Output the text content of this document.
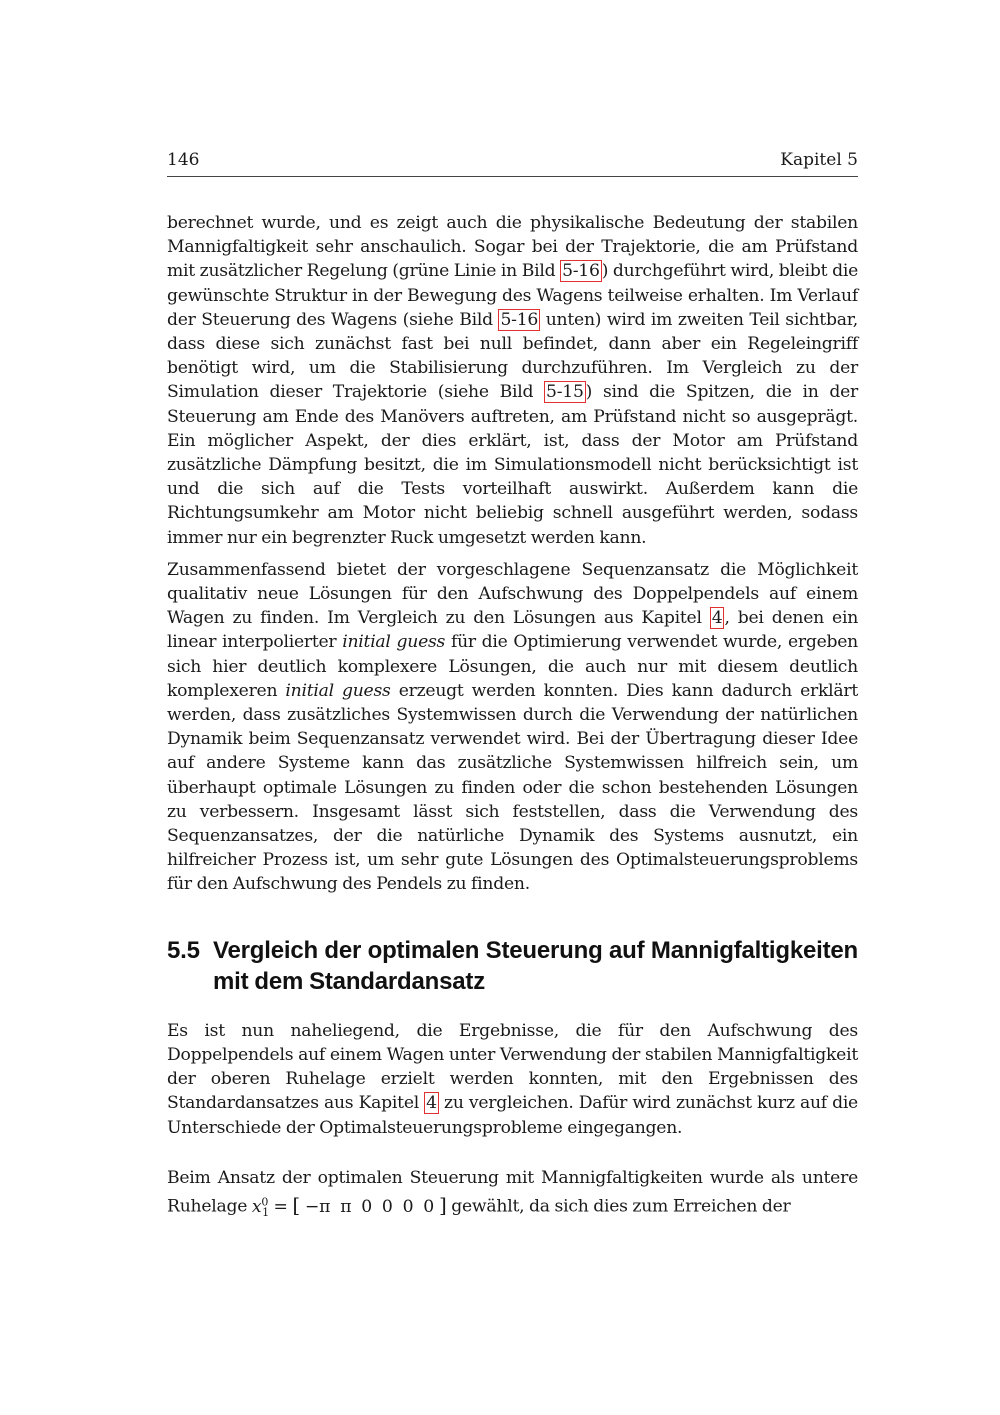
146	Kapitel 5

berechnet wurde, und es zeigt auch die physikalische Bedeutung der stabilen Mannigfaltigkeit sehr anschaulich. Sogar bei der Trajektorie, die am Prüfstand mit zusätzlicher Regelung (grüne Linie in Bild 5-16 ) durchgeführt wird, bleibt die gewünschte Struktur in der Bewegung des Wagens teilweise erhalten. Im Verlauf der Steuerung des Wagens (siehe Bild 5-16 unten) wird im zweiten Teil sichtbar, dass diese sich zunächst fast bei null befindet, dann aber ein Regeleingriff benötigt wird, um die Stabilisierung durchzuführen. Im Vergleich zu der Simulation dieser Trajektorie (siehe Bild 5-15 ) sind die Spitzen, die in der Steuerung am Ende des Manövers auftreten, am Prüfstand nicht so ausgeprägt. Ein möglicher Aspekt, der dies erklärt, ist, dass der Motor am Prüfstand zusätzliche Dämpfung besitzt, die im Simulationsmodell nicht berücksichtigt ist und die sich auf die Tests vorteilhaft auswirkt. Außerdem kann die Richtungsumkehr am Motor nicht beliebig schnell ausgeführt werden, sodass immer nur ein begrenzter Ruck umgesetzt werden kann.

Zusammenfassend bietet der vorgeschlagene Sequenzansatz die Möglichkeit qualitativ neue Lösungen für den Aufschwung des Doppelpendels auf einem Wagen zu finden. Im Vergleich zu den Lösungen aus Kapitel 4 , bei denen ein linear interpolierter initial guess für die Optimierung verwendet wurde, ergeben sich hier deutlich komplexere Lösungen, die auch nur mit diesem deutlich komplexeren initial guess erzeugt werden konnten. Dies kann dadurch erklärt werden, dass zusätzliches Systemwissen durch die Verwendung der natürlichen Dynamik beim Sequenzansatz verwendet wird. Bei der Übertragung dieser Idee auf andere Systeme kann das zusätzliche Systemwissen hilfreich sein, um überhaupt optimale Lösungen zu finden oder die schon bestehenden Lösungen zu verbessern. Insgesamt lässt sich feststellen, dass die Verwendung des Sequenzansatzes, der die natürliche Dynamik des Systems ausnutzt, ein hilfreicher Prozess ist, um sehr gute Lösungen des Optimalsteuerungsproblems für den Aufschwung des Pendels zu finden.

5.5 Vergleich der optimalen Steuerung auf Mannigfaltigkeiten mit dem Standardansatz

Es ist nun naheliegend, die Ergebnisse, die für den Aufschwung des Doppelpendels auf einem Wagen unter Verwendung der stabilen Mannigfaltigkeit der oberen Ruhelage erzielt werden konnten, mit den Ergebnissen des Standardansatzes aus Kapitel 4 zu vergleichen. Dafür wird zunächst kurz auf die Unterschiede der Optimalsteuerungsprobleme eingegangen.

Beim Ansatz der optimalen Steuerung mit Mannigfaltigkeiten wurde als untere Ruhelage $x^0_1$ = [ −π π 0 0 0 0 ] gewählt, da sich dies zum Erreichen der
